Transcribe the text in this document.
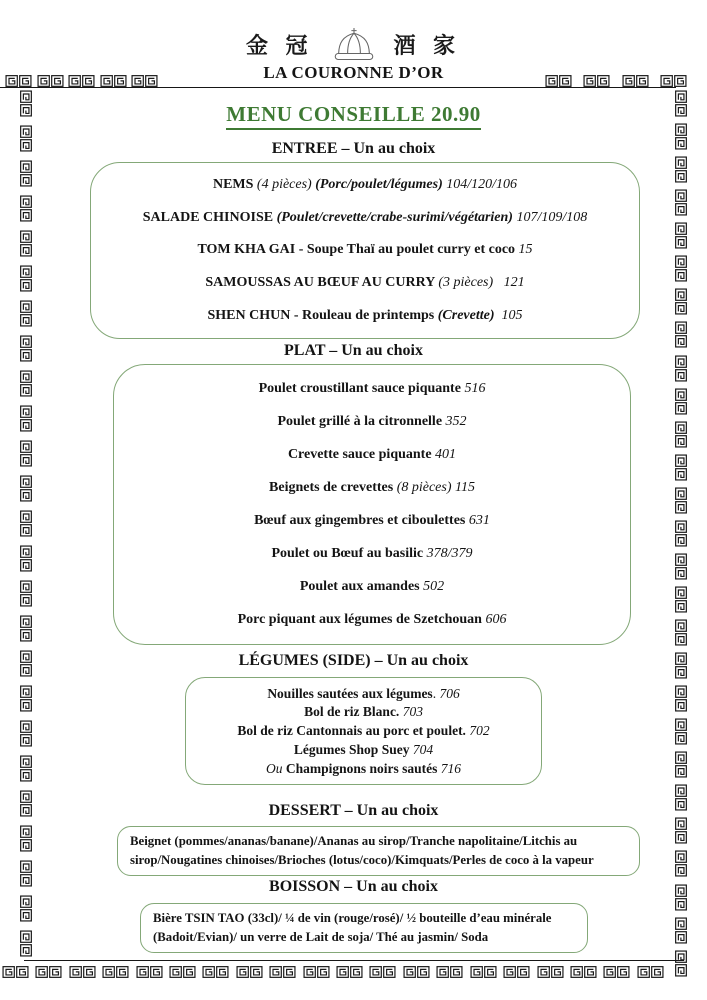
金 冠	酒 家
LA COURONNE D’OR
MENU CONSEILLE 20.90
ENTREE – Un au choix
NEMS (4 pièces) (Porc/poulet/légumes) 104/120/106
SALADE CHINOISE (Poulet/crevette/crabe-surimi/végétarien) 107/109/108
TOM KHA GAI - Soupe Thaï au poulet curry et coco 15
SAMOUSSAS AU BŒUF AU CURRY (3 pièces)   121
SHEN CHUN - Rouleau de printemps (Crevette)  105
PLAT – Un au choix
Poulet croustillant sauce piquante 516
Poulet grillé à la citronnelle 352
Crevette sauce piquante 401
Beignets de crevettes (8 pièces) 115
Bœuf aux gingembres et ciboulettes 631
Poulet ou Bœuf au basilic 378/379
Poulet aux amandes 502
Porc piquant aux légumes de Szetchouan 606
LÉGUMES (SIDE) – Un au choix
Nouilles sautées aux légumes. 706
Bol de riz Blanc. 703
Bol de riz Cantonnais au porc et poulet. 702
Légumes Shop Suey 704
Ou Champignons noirs sautés 716
DESSERT – Un au choix
Beignet (pommes/ananas/banane)/Ananas au sirop/Tranche napolitaine/Litchis au sirop/Nougatines chinoises/Brioches (lotus/coco)/Kimquats/Perles de coco à la vapeur
BOISSON – Un au choix
Bière TSIN TAO (33cl)/ ¼ de vin (rouge/rosé)/ ½ bouteille d’eau minérale (Badoit/Evian)/ un verre de Lait de soja/ Thé au jasmin/ Soda
